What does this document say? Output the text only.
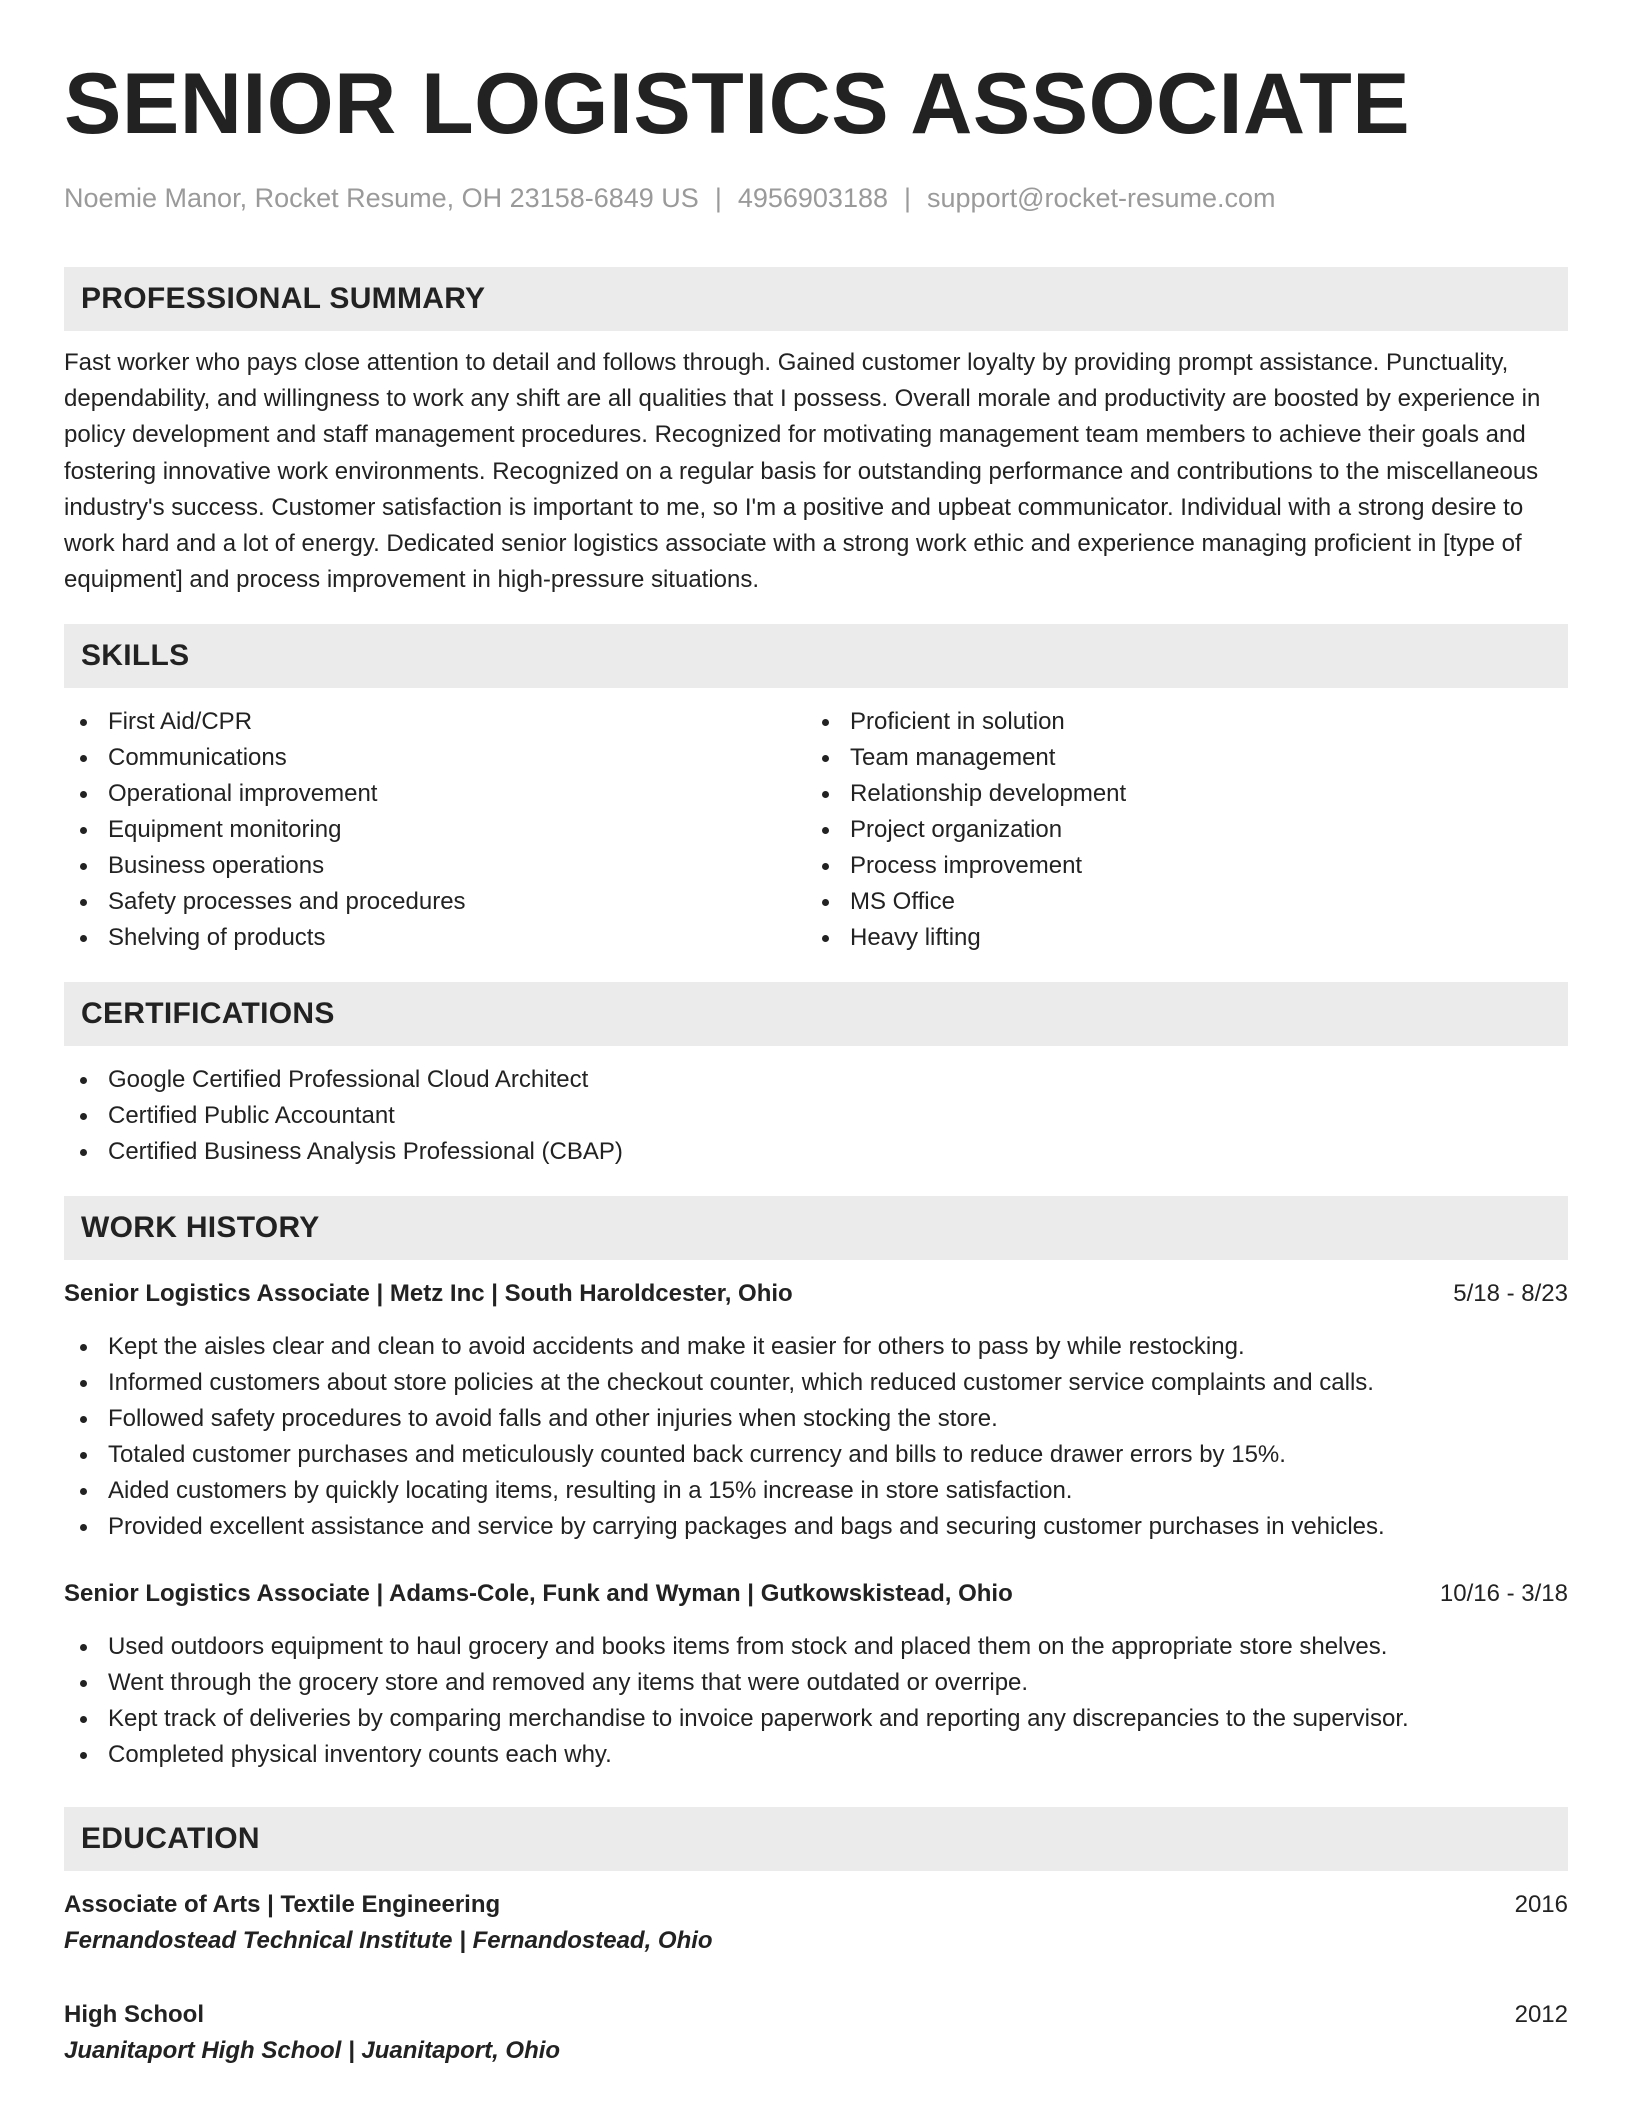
SENIOR LOGISTICS ASSOCIATE
Noemie Manor, Rocket Resume, OH 23158-6849 US | 4956903188 | support@rocket-resume.com
PROFESSIONAL SUMMARY

Fast worker who pays close attention to detail and follows through. Gained customer loyalty by providing prompt assistance. Punctuality, dependability, and willingness to work any shift are all qualities that I possess. Overall morale and productivity are boosted by experience in policy development and staff management procedures. Recognized for motivating management team members to achieve their goals and fostering innovative work environments. Recognized on a regular basis for outstanding performance and contributions to the miscellaneous industry's success. Customer satisfaction is important to me, so I'm a positive and upbeat communicator. Individual with a strong desire to work hard and a lot of energy. Dedicated senior logistics associate with a strong work ethic and experience managing proficient in [type of equipment] and process improvement in high-pressure situations.

SKILLS
First Aid/CPR
Communications
Operational improvement
Equipment monitoring
Business operations
Safety processes and procedures
Shelving of products
Proficient in solution
Team management
Relationship development
Project organization
Process improvement
MS Office
Heavy lifting
CERTIFICATIONS
Google Certified Professional Cloud Architect
Certified Public Accountant
Certified Business Analysis Professional (CBAP)
WORK HISTORY
Senior Logistics Associate | Metz Inc | South Haroldcester, Ohio	5/18 - 8/23
Kept the aisles clear and clean to avoid accidents and make it easier for others to pass by while restocking.
Informed customers about store policies at the checkout counter, which reduced customer service complaints and calls.
Followed safety procedures to avoid falls and other injuries when stocking the store.
Totaled customer purchases and meticulously counted back currency and bills to reduce drawer errors by 15%.
Aided customers by quickly locating items, resulting in a 15% increase in store satisfaction.
Provided excellent assistance and service by carrying packages and bags and securing customer purchases in vehicles.
Senior Logistics Associate | Adams-Cole, Funk and Wyman | Gutkowskistead, Ohio	10/16 - 3/18
Used outdoors equipment to haul grocery and books items from stock and placed them on the appropriate store shelves.
Went through the grocery store and removed any items that were outdated or overripe.
Kept track of deliveries by comparing merchandise to invoice paperwork and reporting any discrepancies to the supervisor.
Completed physical inventory counts each why.
EDUCATION
Associate of Arts | Textile Engineering	2016
Fernandostead Technical Institute | Fernandostead, Ohio
High School	2012
Juanitaport High School | Juanitaport, Ohio
